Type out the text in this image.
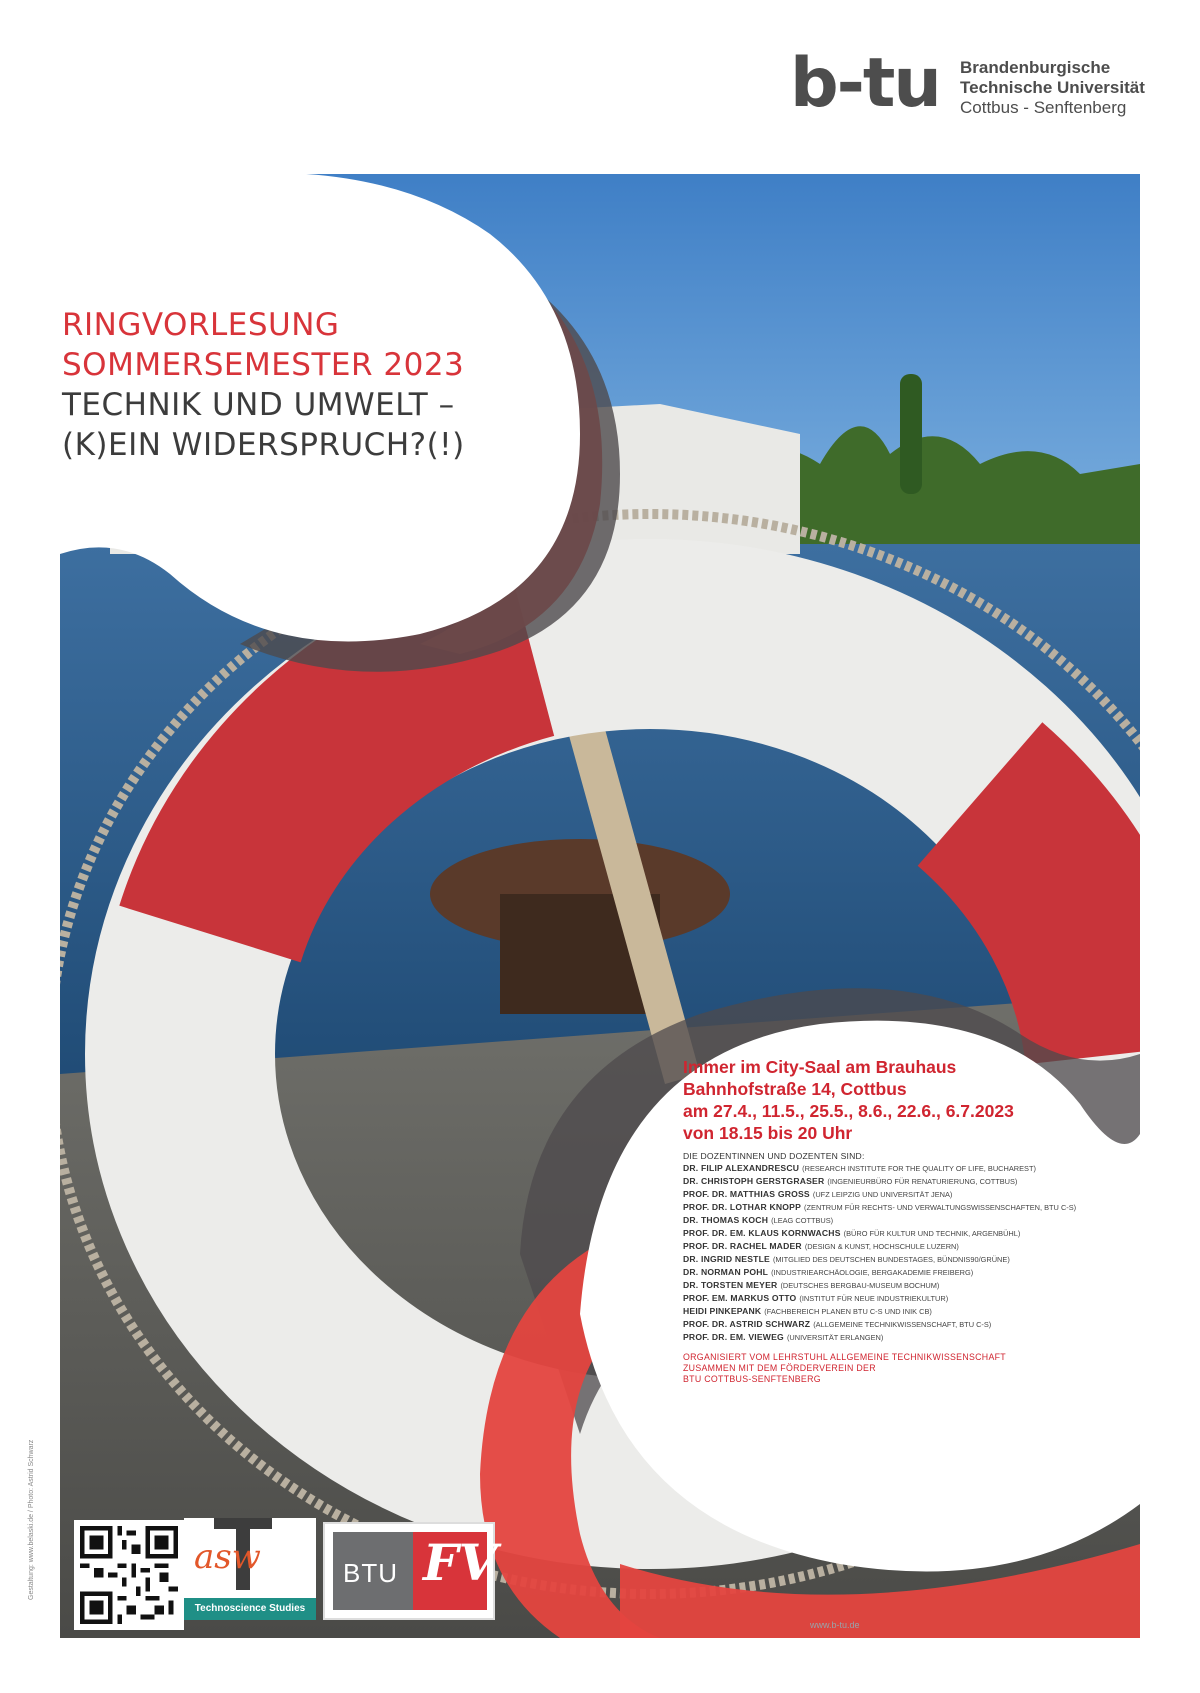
b-tu Brandenburgische
Technische Universität
Cottbus - Senftenberg
RINGVORLESUNG
SOMMERSEMESTER 2023
TECHNIK UND UMWELT –
(K)EIN WIDERSPRUCH?(!)
Immer im City-Saal am Brauhaus
Bahnhofstraße 14, Cottbus
am 27.4., 11.5., 25.5., 8.6., 22.6., 6.7.2023
von 18.15 bis 20 Uhr
DIE DOZENTINNEN UND DOZENTEN SIND:
DR. FILIP ALEXANDRESCU (RESEARCH INSTITUTE FOR THE QUALITY OF LIFE, BUCHAREST)
DR. CHRISTOPH GERSTGRASER (INGENIEURBÜRO FÜR RENATURIERUNG, COTTBUS)
PROF. DR. MATTHIAS GROSS (UFZ LEIPZIG UND UNIVERSITÄT JENA)
PROF. DR. LOTHAR KNOPP (ZENTRUM FÜR RECHTS- UND VERWALTUNGSWISSENSCHAFTEN, BTU C-S)
DR. THOMAS KOCH (LEAG COTTBUS)
PROF. DR. EM. KLAUS KORNWACHS (BÜRO FÜR KULTUR UND TECHNIK, ARGENBÜHL)
PROF. DR. RACHEL MADER (DESIGN & KUNST, HOCHSCHULE LUZERN)
DR. INGRID NESTLE (MITGLIED DES DEUTSCHEN BUNDESTAGES, BÜNDNIS90/GRÜNE)
DR. NORMAN POHL (INDUSTRIEARCHÄOLOGIE, BERGAKADEMIE FREIBERG)
DR. TORSTEN MEYER (DEUTSCHES BERGBAU-MUSEUM BOCHUM)
PROF. EM. MARKUS OTTO (INSTITUT FÜR NEUE INDUSTRIEKULTUR)
HEIDI PINKEPANK (FACHBEREICH PLANEN BTU C-S UND INIK CB)
PROF. DR. ASTRID SCHWARZ (ALLGEMEINE TECHNIKWISSENSCHAFT, BTU C-S)
PROF. DR. EM. VIEWEG (UNIVERSITÄT ERLANGEN)
ORGANISIERT VOM LEHRSTUHL ALLGEMEINE TECHNIKWISSENSCHAFT
ZUSAMMEN MIT DEM FÖRDERVEREIN DER
BTU COTTBUS-SENFTENBERG
Gestaltung: www.belaski.de / Photo: Astrid Schwarz
www.b-tu.de
asw
Technoscience Studies
BTU FV
